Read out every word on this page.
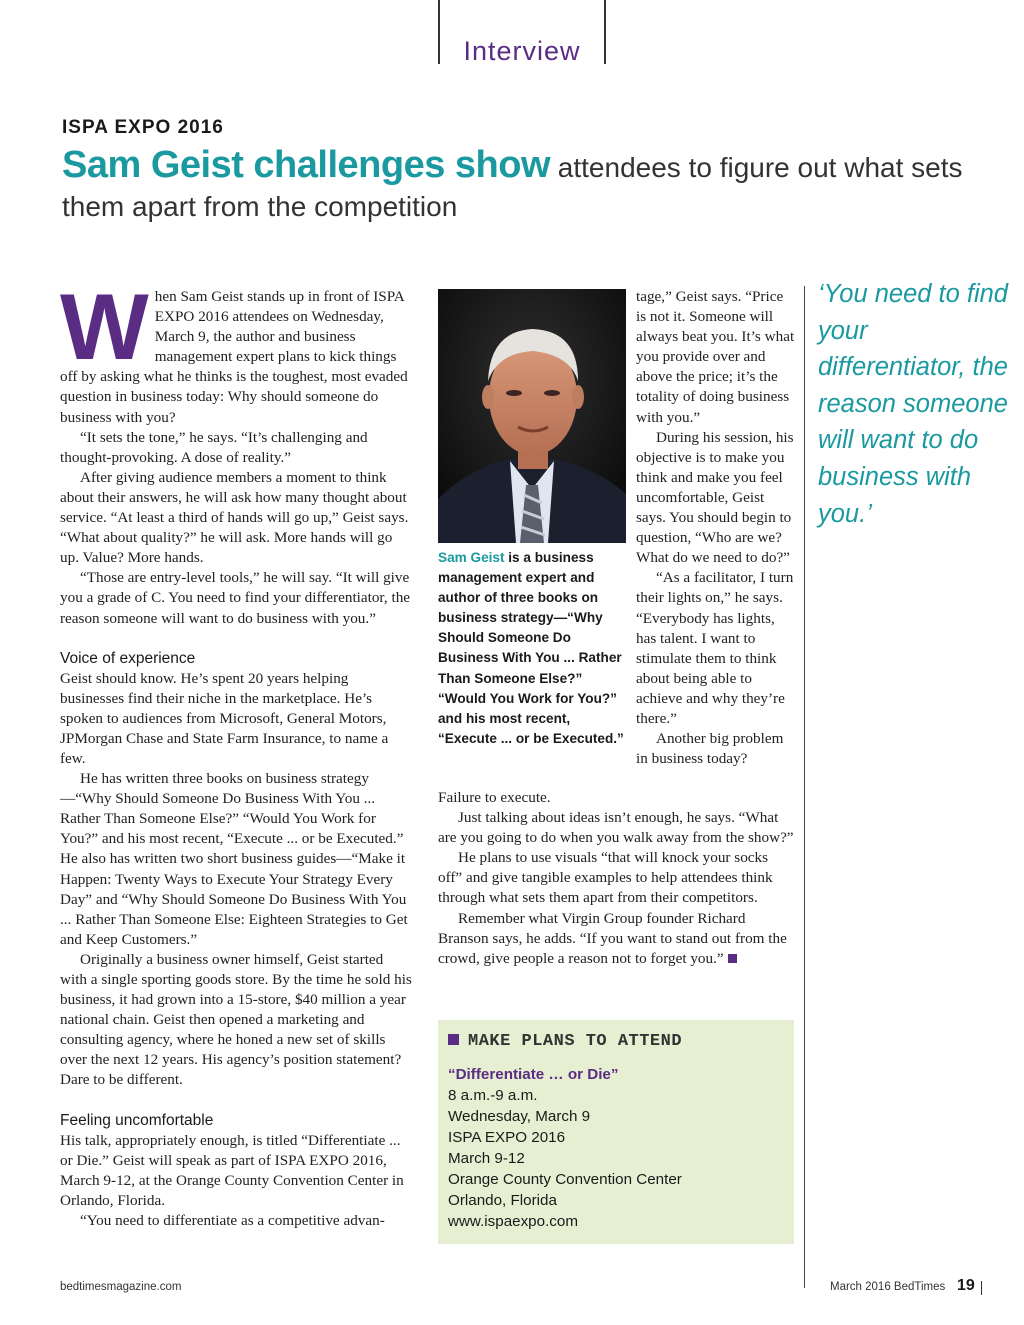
Interview
ISPA EXPO 2016
Sam Geist challenges show attendees to figure out what sets them apart from the competition
W hen Sam Geist stands up in front of ISPA EXPO 2016 attendees on Wednesday, March 9, the author and business management expert plans to kick things off by asking what he thinks is the toughest, most evaded question in business today: Why should someone do business with you?

“It sets the tone,” he says. “It’s challenging and thought-provoking. A dose of reality.”

After giving audience members a moment to think about their answers, he will ask how many thought about service. “At least a third of hands will go up,” Geist says. “What about quality?” he will ask. More hands will go up. Value? More hands.

“Those are entry-level tools,” he will say. “It will give you a grade of C. You need to find your differentiator, the reason someone will want to do business with you.”

Voice of experience

Geist should know. He’s spent 20 years helping businesses find their niche in the marketplace. He’s spoken to audiences from Microsoft, General Motors, JPMorgan Chase and State Farm Insurance, to name a few.

He has written three books on business strategy—“Why Should Someone Do Business With You ... Rather Than Someone Else?” “Would You Work for You?” and his most recent, “Execute ... or be Executed.” He also has written two short business guides—“Make it Happen: Twenty Ways to Execute Your Strategy Every Day” and “Why Should Someone Do Business With You ... Rather Than Someone Else: Eighteen Strategies to Get and Keep Customers.”

Originally a business owner himself, Geist started with a single sporting goods store. By the time he sold his business, it had grown into a 15-store, $40 million a year national chain. Geist then opened a marketing and consulting agency, where he honed a new set of skills over the next 12 years. His agency’s position statement? Dare to be different.

Feeling uncomfortable

His talk, appropriately enough, is titled “Differentiate ... or Die.” Geist will speak as part of ISPA EXPO 2016, March 9-12, at the Orange County Convention Center in Orlando, Florida.

“You need to differentiate as a competitive advan-

Sam Geist is a business management expert and author of three books on business strategy—“Why Should Someone Do Business With You ... Rather Than Someone Else?” “Would You Work for You?” and his most recent, “Execute ... or be Executed.”

tage,” Geist says. “Price is not it. Someone will always beat you. It’s what you provide over and above the price; it’s the totality of doing business with you.”

During his session, his objective is to make you think and make you feel uncomfortable, Geist says. You should begin to question, “Who are we? What do we need to do?”

“As a facilitator, I turn their lights on,” he says. “Everybody has lights, has talent. I want to stimulate them to think about being able to achieve and why they’re there.”

Another big problem in business today?

Failure to execute.

Just talking about ideas isn’t enough, he says. “What are you going to do when you walk away from the show?”

He plans to use visuals “that will knock your socks off” and give tangible examples to help attendees think through what sets them apart from their competitors.

Remember what Virgin Group founder Richard Branson says, he adds. “If you want to stand out from the crowd, give people a reason not to forget you.”

‘You need to find your differentiator, the reason someone will want to do business with you.’
MAKE PLANS TO ATTEND
“Differentiate … or Die”
8 a.m.-9 a.m.
Wednesday, March 9
ISPA EXPO 2016
March 9-12
Orange County Convention Center
Orlando, Florida
www.ispaexpo.com
bedtimesmagazine.com	March 2016 BedTimes 19
